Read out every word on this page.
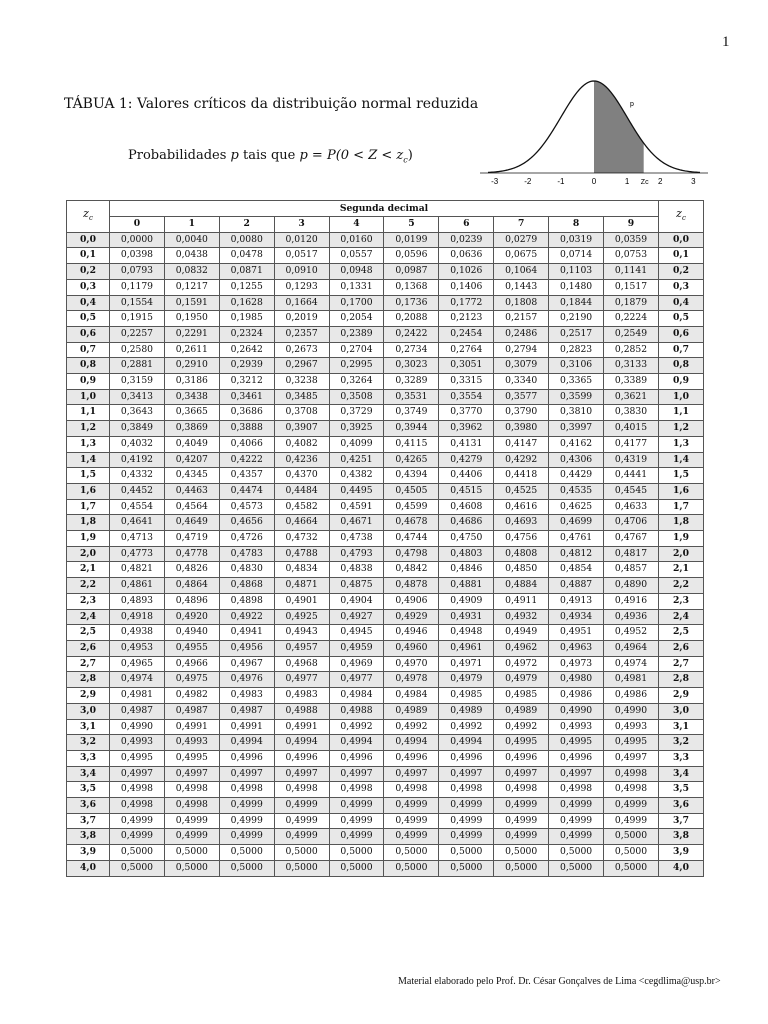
1
TÁBUA 1: Valores críticos da distribuição normal reduzida
Probabilidades p tais que $p = P(0 < Z < z_c)$
p
-3	-2	-1	0	1	2	3
Zc
$z_c$	Segunda decimal										$z_c$
	0	1	2	3	4	5	6	7	8	9	
0,0	0,0000	0,0040	0,0080	0,0120	0,0160	0,0199	0,0239	0,0279	0,0319	0,0359	0,0
0,1	0,0398	0,0438	0,0478	0,0517	0,0557	0,0596	0,0636	0,0675	0,0714	0,0753	0,1
0,2	0,0793	0,0832	0,0871	0,0910	0,0948	0,0987	0,1026	0,1064	0,1103	0,1141	0,2
0,3	0,1179	0,1217	0,1255	0,1293	0,1331	0,1368	0,1406	0,1443	0,1480	0,1517	0,3
0,4	0,1554	0,1591	0,1628	0,1664	0,1700	0,1736	0,1772	0,1808	0,1844	0,1879	0,4
0,5	0,1915	0,1950	0,1985	0,2019	0,2054	0,2088	0,2123	0,2157	0,2190	0,2224	0,5
0,6	0,2257	0,2291	0,2324	0,2357	0,2389	0,2422	0,2454	0,2486	0,2517	0,2549	0,6
0,7	0,2580	0,2611	0,2642	0,2673	0,2704	0,2734	0,2764	0,2794	0,2823	0,2852	0,7
0,8	0,2881	0,2910	0,2939	0,2967	0,2995	0,3023	0,3051	0,3079	0,3106	0,3133	0,8
0,9	0,3159	0,3186	0,3212	0,3238	0,3264	0,3289	0,3315	0,3340	0,3365	0,3389	0,9
1,0	0,3413	0,3438	0,3461	0,3485	0,3508	0,3531	0,3554	0,3577	0,3599	0,3621	1,0
1,1	0,3643	0,3665	0,3686	0,3708	0,3729	0,3749	0,3770	0,3790	0,3810	0,3830	1,1
1,2	0,3849	0,3869	0,3888	0,3907	0,3925	0,3944	0,3962	0,3980	0,3997	0,4015	1,2
1,3	0,4032	0,4049	0,4066	0,4082	0,4099	0,4115	0,4131	0,4147	0,4162	0,4177	1,3
1,4	0,4192	0,4207	0,4222	0,4236	0,4251	0,4265	0,4279	0,4292	0,4306	0,4319	1,4
1,5	0,4332	0,4345	0,4357	0,4370	0,4382	0,4394	0,4406	0,4418	0,4429	0,4441	1,5
1,6	0,4452	0,4463	0,4474	0,4484	0,4495	0,4505	0,4515	0,4525	0,4535	0,4545	1,6
1,7	0,4554	0,4564	0,4573	0,4582	0,4591	0,4599	0,4608	0,4616	0,4625	0,4633	1,7
1,8	0,4641	0,4649	0,4656	0,4664	0,4671	0,4678	0,4686	0,4693	0,4699	0,4706	1,8
1,9	0,4713	0,4719	0,4726	0,4732	0,4738	0,4744	0,4750	0,4756	0,4761	0,4767	1,9
2,0	0,4773	0,4778	0,4783	0,4788	0,4793	0,4798	0,4803	0,4808	0,4812	0,4817	2,0
2,1	0,4821	0,4826	0,4830	0,4834	0,4838	0,4842	0,4846	0,4850	0,4854	0,4857	2,1
2,2	0,4861	0,4864	0,4868	0,4871	0,4875	0,4878	0,4881	0,4884	0,4887	0,4890	2,2
2,3	0,4893	0,4896	0,4898	0,4901	0,4904	0,4906	0,4909	0,4911	0,4913	0,4916	2,3
2,4	0,4918	0,4920	0,4922	0,4925	0,4927	0,4929	0,4931	0,4932	0,4934	0,4936	2,4
2,5	0,4938	0,4940	0,4941	0,4943	0,4945	0,4946	0,4948	0,4949	0,4951	0,4952	2,5
2,6	0,4953	0,4955	0,4956	0,4957	0,4959	0,4960	0,4961	0,4962	0,4963	0,4964	2,6
2,7	0,4965	0,4966	0,4967	0,4968	0,4969	0,4970	0,4971	0,4972	0,4973	0,4974	2,7
2,8	0,4974	0,4975	0,4976	0,4977	0,4977	0,4978	0,4979	0,4979	0,4980	0,4981	2,8
2,9	0,4981	0,4982	0,4983	0,4983	0,4984	0,4984	0,4985	0,4985	0,4986	0,4986	2,9
3,0	0,4987	0,4987	0,4987	0,4988	0,4988	0,4989	0,4989	0,4989	0,4990	0,4990	3,0
3,1	0,4990	0,4991	0,4991	0,4991	0,4992	0,4992	0,4992	0,4992	0,4993	0,4993	3,1
3,2	0,4993	0,4993	0,4994	0,4994	0,4994	0,4994	0,4994	0,4995	0,4995	0,4995	3,2
3,3	0,4995	0,4995	0,4996	0,4996	0,4996	0,4996	0,4996	0,4996	0,4996	0,4997	3,3
3,4	0,4997	0,4997	0,4997	0,4997	0,4997	0,4997	0,4997	0,4997	0,4997	0,4998	3,4
3,5	0,4998	0,4998	0,4998	0,4998	0,4998	0,4998	0,4998	0,4998	0,4998	0,4998	3,5
3,6	0,4998	0,4998	0,4999	0,4999	0,4999	0,4999	0,4999	0,4999	0,4999	0,4999	3,6
3,7	0,4999	0,4999	0,4999	0,4999	0,4999	0,4999	0,4999	0,4999	0,4999	0,4999	3,7
3,8	0,4999	0,4999	0,4999	0,4999	0,4999	0,4999	0,4999	0,4999	0,4999	0,5000	3,8
3,9	0,5000	0,5000	0,5000	0,5000	0,5000	0,5000	0,5000	0,5000	0,5000	0,5000	3,9
4,0	0,5000	0,5000	0,5000	0,5000	0,5000	0,5000	0,5000	0,5000	0,5000	0,5000	4,0
Material elaborado pelo Prof. Dr. César Gonçalves de Lima <cegdlima@usp.br>
